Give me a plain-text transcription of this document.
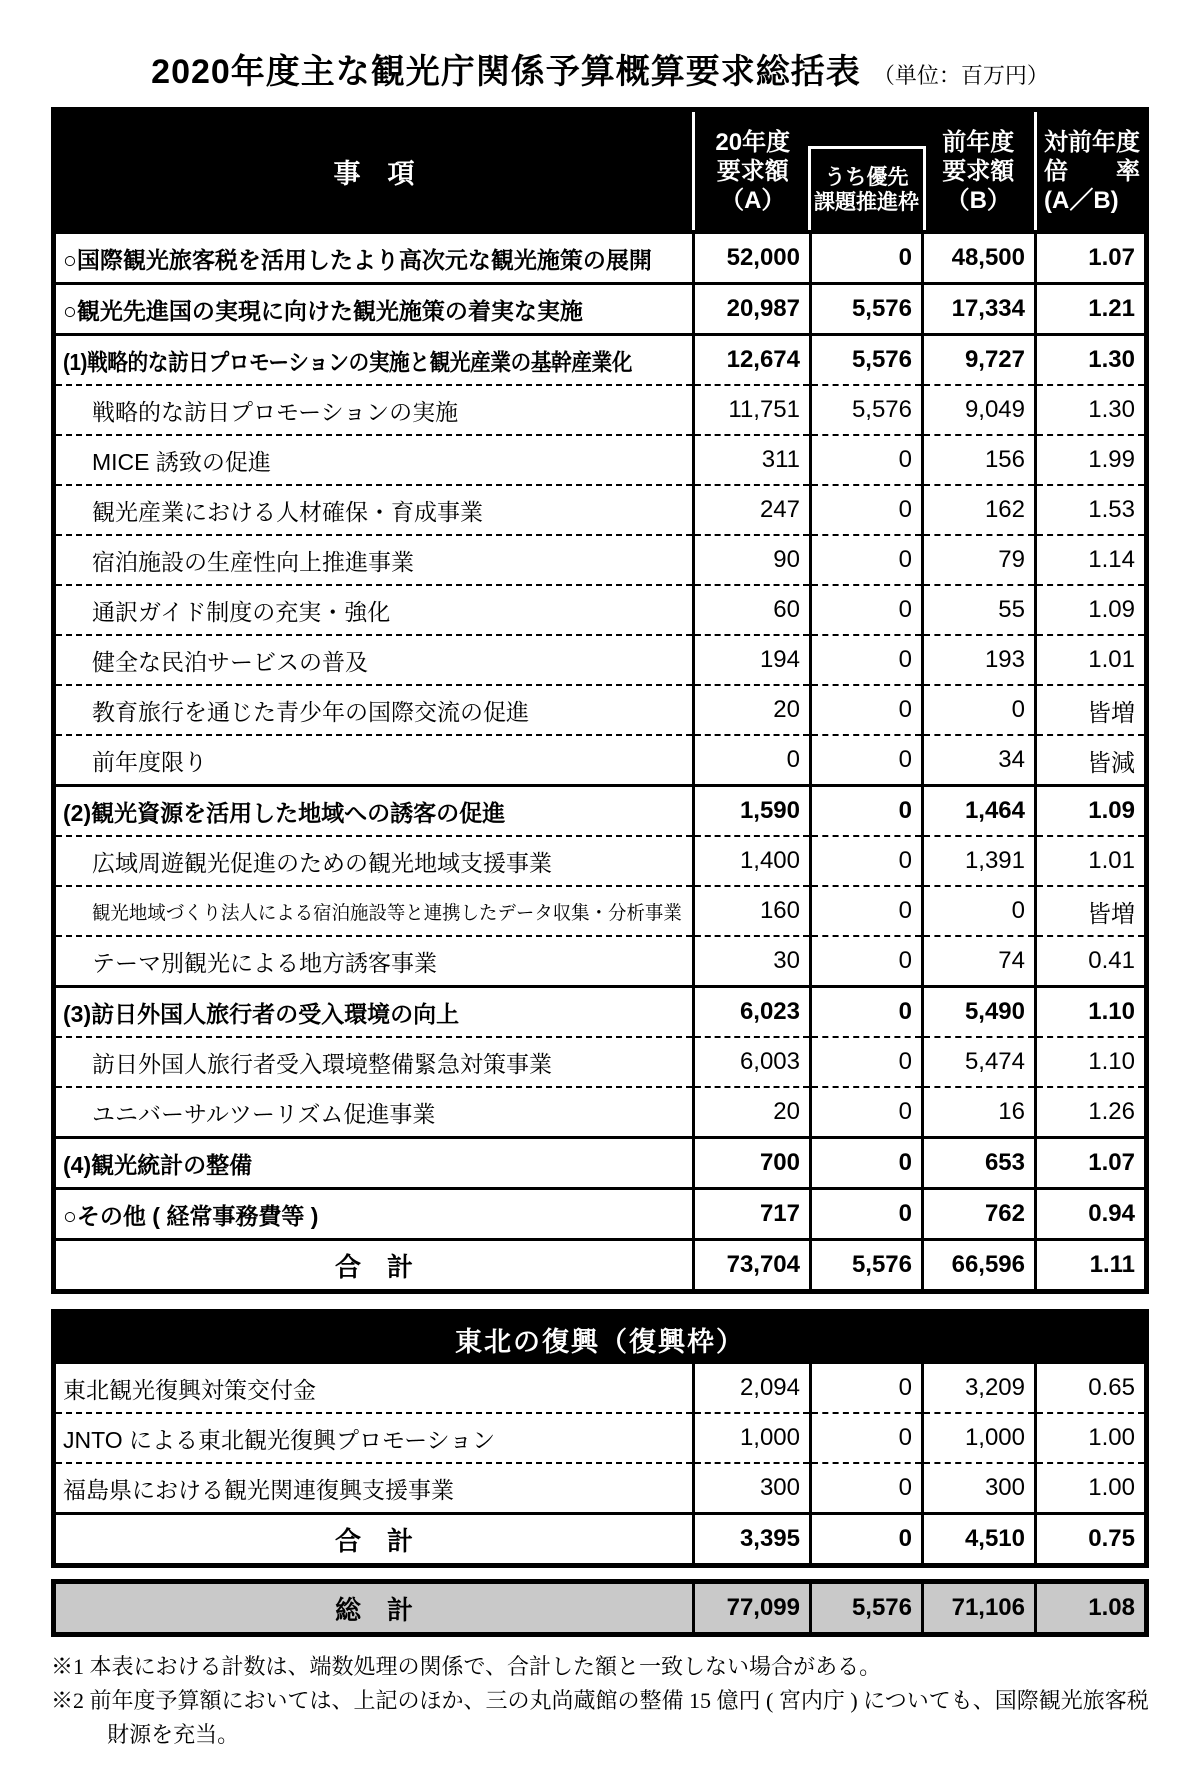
2020年度主な観光庁関係予算概算要求総括表 （単位：百万円）
事　項	
20年度
要求額
（A）

うち優先
課題推進枠

前年度
要求額
（B）

対前年度
倍　　率
(A／B)

○国際観光旅客税を活用したより高次元な観光施策の展開	52,000	0	48,500	1.07
○観光先進国の実現に向けた観光施策の着実な実施	20,987	5,576	17,334	1.21
(1)戦略的な訪日プロモーションの実施と観光産業の基幹産業化	12,674	5,576	9,727	1.30
戦略的な訪日プロモーションの実施	11,751	5,576	9,049	1.30
MICE 誘致の促進	311	0	156	1.99
観光産業における人材確保・育成事業	247	0	162	1.53
宿泊施設の生産性向上推進事業	90	0	79	1.14
通訳ガイド制度の充実・強化	60	0	55	1.09
健全な民泊サービスの普及	194	0	193	1.01
教育旅行を通じた青少年の国際交流の促進	20	0	0	皆増
前年度限り	0	0	34	皆減
(2)観光資源を活用した地域への誘客の促進	1,590	0	1,464	1.09
広域周遊観光促進のための観光地域支援事業	1,400	0	1,391	1.01
観光地域づくり法人による宿泊施設等と連携したデータ収集・分析事業	160	0	0	皆増
テーマ別観光による地方誘客事業	30	0	74	0.41
(3)訪日外国人旅行者の受入環境の向上	6,023	0	5,490	1.10
訪日外国人旅行者受入環境整備緊急対策事業	6,003	0	5,474	1.10
ユニバーサルツーリズム促進事業	20	0	16	1.26
(4)観光統計の整備	700	0	653	1.07
○その他 ( 経常事務費等 )	717	0	762	0.94
合　計	73,704	5,576	66,596	1.11
東北の復興（復興枠）				
東北観光復興対策交付金	2,094	0	3,209	0.65
JNTO による東北観光復興プロモーション	1,000	0	1,000	1.00
福島県における観光関連復興支援事業	300	0	300	1.00
合　計	3,395	0	4,510	0.75
総　計	77,099	5,576	71,106	1.08

※1 本表における計数は、端数処理の関係で、合計した額と一致しない場合がある。

※2 前年度予算額においては、上記のほか、三の丸尚蔵館の整備 15 億円 ( 宮内庁 ) についても、国際観光旅客税財源を充当。
